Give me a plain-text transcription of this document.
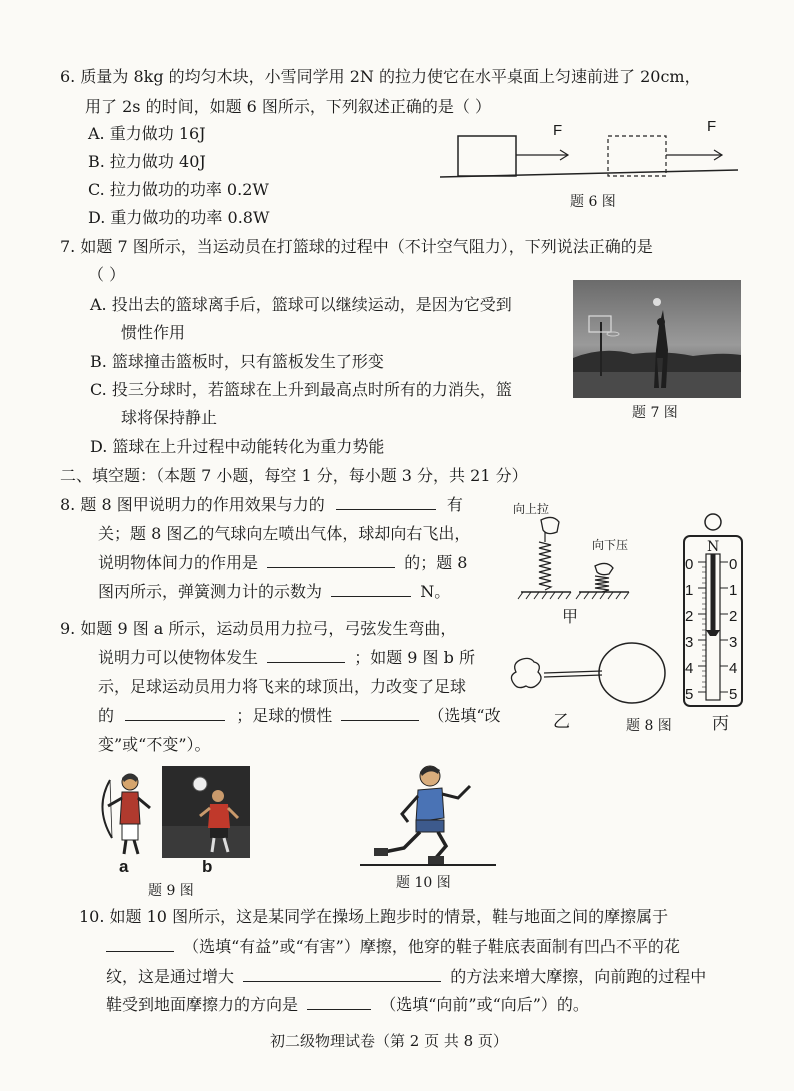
6. 质量为 8kg 的均匀木块，小雪同学用 2N 的拉力使它在水平桌面上匀速前进了 20cm，
用了 2s 的时间，如题 6 图所示，下列叙述正确的是（ ）
A. 重力做功 16J
B. 拉力做功 40J
C. 拉力做功的功率 0.2W
D. 重力做功的功率 0.8W
F	F
题 6 图
7. 如题 7 图所示，当运动员在打篮球的过程中（不计空气阻力），下列说法正确的是
（ ）
A. 投出去的篮球离手后，篮球可以继续运动，是因为它受到
惯性作用
B. 篮球撞击篮板时，只有篮板发生了形变
C. 投三分球时，若篮球在上升到最高点时所有的力消失，篮
球将保持静止
D. 篮球在上升过程中动能转化为重力势能
题 7 图
二、填空题：（本题 7 小题，每空 1 分，每小题 3 分，共 21 分）
8. 题 8 图甲说明力的作用效果与力的	有
关；题 8 图乙的气球向左喷出气体，球却向右飞出，
说明物体间力的作用是	的；题 8
图丙所示，弹簧测力计的示数为	N。
向上拉
向下压
甲
N
0
1
2
3
4
5
0
1
2
3
4
5
丙
乙	题 8 图
9. 如题 9 图 a 所示，运动员用力拉弓，弓弦发生弯曲，
说明力可以使物体发生	；如题 9 图 b 所
示，足球运动员用力将飞来的球顶出，力改变了足球
的	；足球的惯性	（选填“改
变”或“不变”）。
a	b
题 9 图	题 10 图
10. 如题 10 图所示，这是某同学在操场上跑步时的情景，鞋与地面之间的摩擦属于
（选填“有益”或“有害”）摩擦，他穿的鞋子鞋底表面制有凹凸不平的花
纹，这是通过增大	的方法来增大摩擦，向前跑的过程中
鞋受到地面摩擦力的方向是	（选填“向前”或“向后”）的。
初二级物理试卷（第 2 页 共 8 页）
